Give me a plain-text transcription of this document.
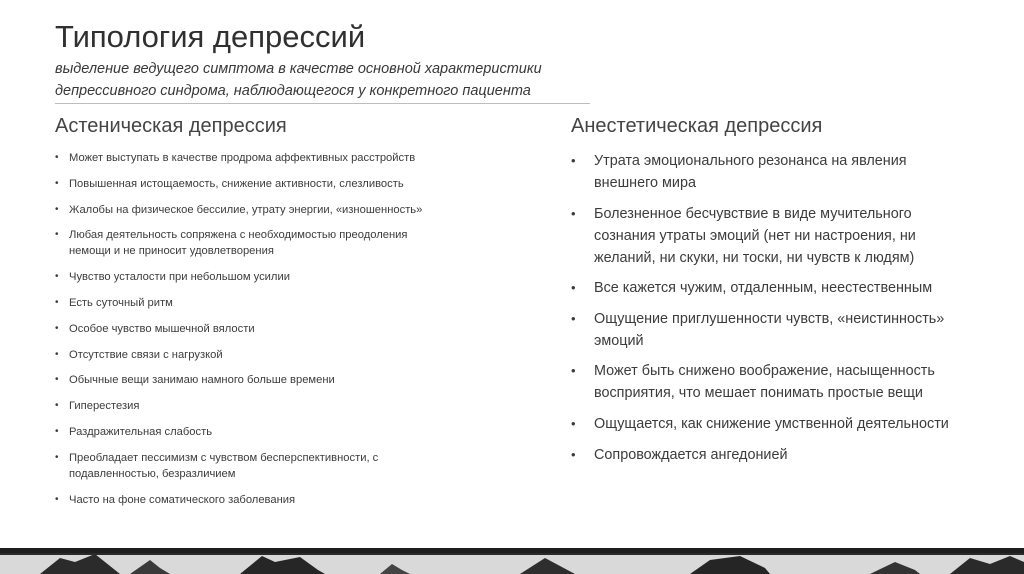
Типология депрессий
выделение ведущего симптома в качестве основной характеристики депрессивного синдрома, наблюдающегося у конкретного пациента
Астеническая депрессия
• Может выступать в качестве продрома аффективных расстройств
• Повышенная истощаемость, снижение активности, слезливость
• Жалобы на физическое бессилие, утрату энергии, «изношенность»
• Любая деятельность сопряжена с необходимостью преодоления немощи и не приносит удовлетворения
• Чувство усталости при небольшом усилии
• Есть суточный ритм
• Особое чувство мышечной вялости
• Отсутствие связи с нагрузкой
• Обычные вещи занимаю намного больше времени
• Гиперестезия
• Раздражительная слабость
• Преобладает пессимизм с чувством бесперспективности, с подавленностью, безразличием
• Часто на фоне соматического заболевания
Анестетическая депрессия
• Утрата эмоционального резонанса на явления внешнего мира
• Болезненное бесчувствие в виде мучительного сознания утраты эмоций (нет ни настроения, ни желаний, ни скуки, ни тоски, ни чувств к людям)
• Все кажется чужим, отдаленным, неестественным
• Ощущение приглушенности чувств, «неистинность» эмоций
• Может быть снижено воображение, насыщенность восприятия, что мешает понимать простые вещи
• Ощущается, как снижение умственной деятельности
• Сопровождается ангедонией
